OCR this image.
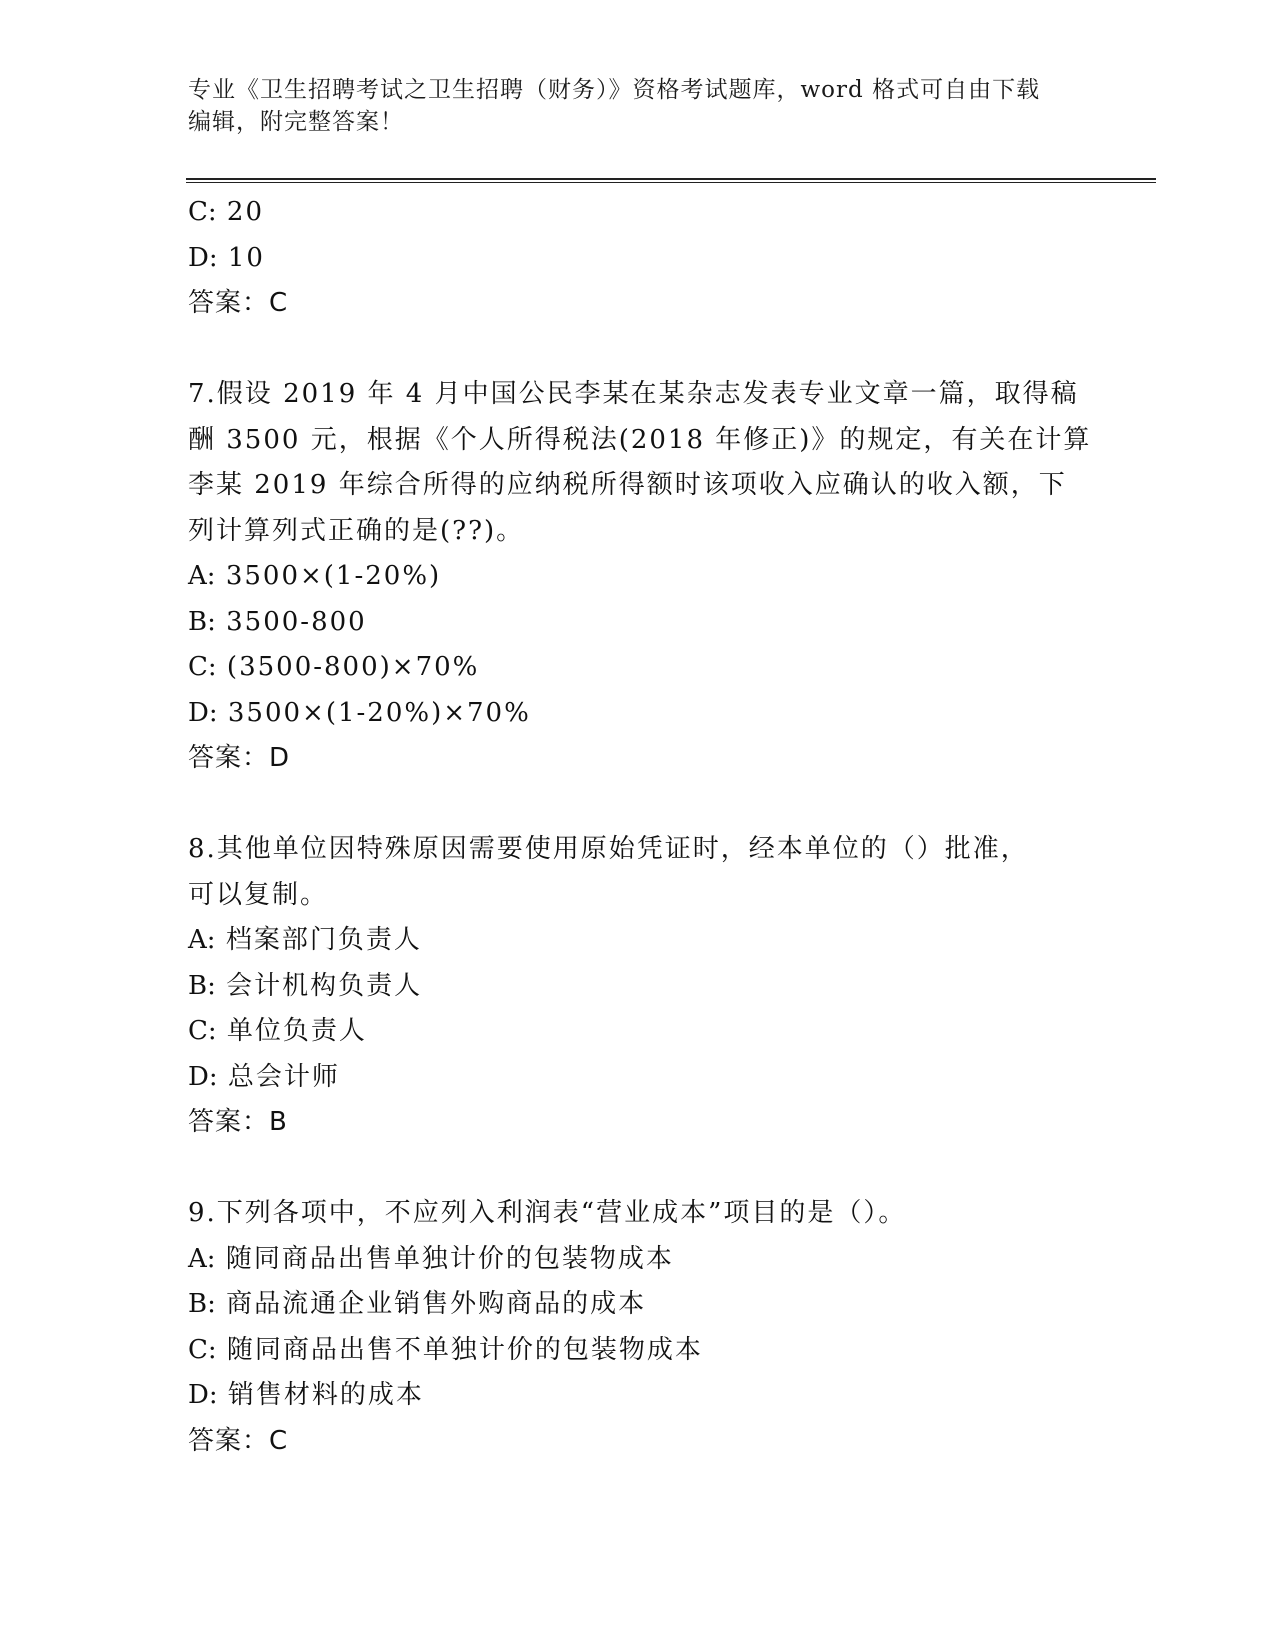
专业《卫生招聘考试之卫生招聘（财务）》资格考试题库，word 格式可自由下载
编辑，附完整答案！
C: 20
D: 10
答案：C
7.假设 2019 年 4 月中国公民李某在某杂志发表专业文章一篇，取得稿
酬 3500 元，根据《个人所得税法(2018 年修正)》的规定，有关在计算
李某 2019 年综合所得的应纳税所得额时该项收入应确认的收入额，下
列计算列式正确的是(??)。
A: 3500×(1-20%)
B: 3500-800
C: (3500-800)×70%
D: 3500×(1-20%)×70%
答案：D
8.其他单位因特殊原因需要使用原始凭证时，经本单位的（）批准，
可以复制。
A: 档案部门负责人
B: 会计机构负责人
C: 单位负责人
D: 总会计师
答案：B
9.下列各项中，不应列入利润表“营业成本”项目的是（）。
A: 随同商品出售单独计价的包装物成本
B: 商品流通企业销售外购商品的成本
C: 随同商品出售不单独计价的包装物成本
D: 销售材料的成本
答案：C
